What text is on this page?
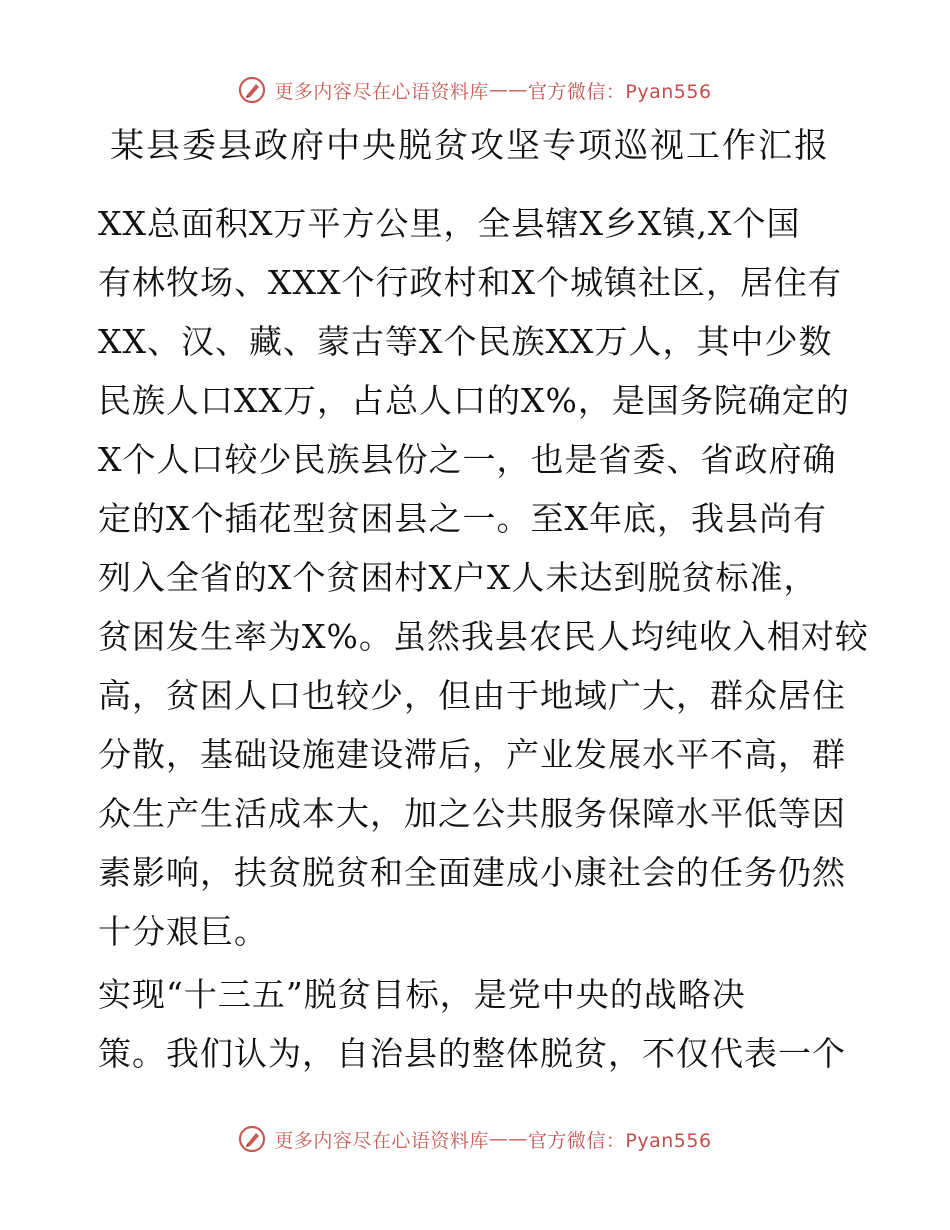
更多内容尽在心语资料库 —— 官方微信：Pyan556
某县委县政府中央脱贫攻坚专项巡视工作汇报
XX总面积X万平方公里，全县辖X乡X镇,X个国
有林牧场、XXX个行政村和X个城镇社区，居住有
XX、汉、藏、蒙古等X个民族XX万人，其中少数
民族人口XX万，占总人口的X%，是国务院确定的
X个人口较少民族县份之一，也是省委、省政府确
定的X个插花型贫困县之一。至X年底，我县尚有
列入全省的X个贫困村X户X人未达到脱贫标准，
贫困发生率为X%。虽然我县农民人均纯收入相对较
高，贫困人口也较少，但由于地域广大，群众居住
分散，基础设施建设滞后，产业发展水平不高，群
众生产生活成本大，加之公共服务保障水平低等因
素影响，扶贫脱贫和全面建成小康社会的任务仍然
十分艰巨。
实现“十三五”脱贫目标，是党中央的战略决
策。我们认为，自治县的整体脱贫，不仅代表一个
更多内容尽在心语资料库 —— 官方微信：Pyan556
